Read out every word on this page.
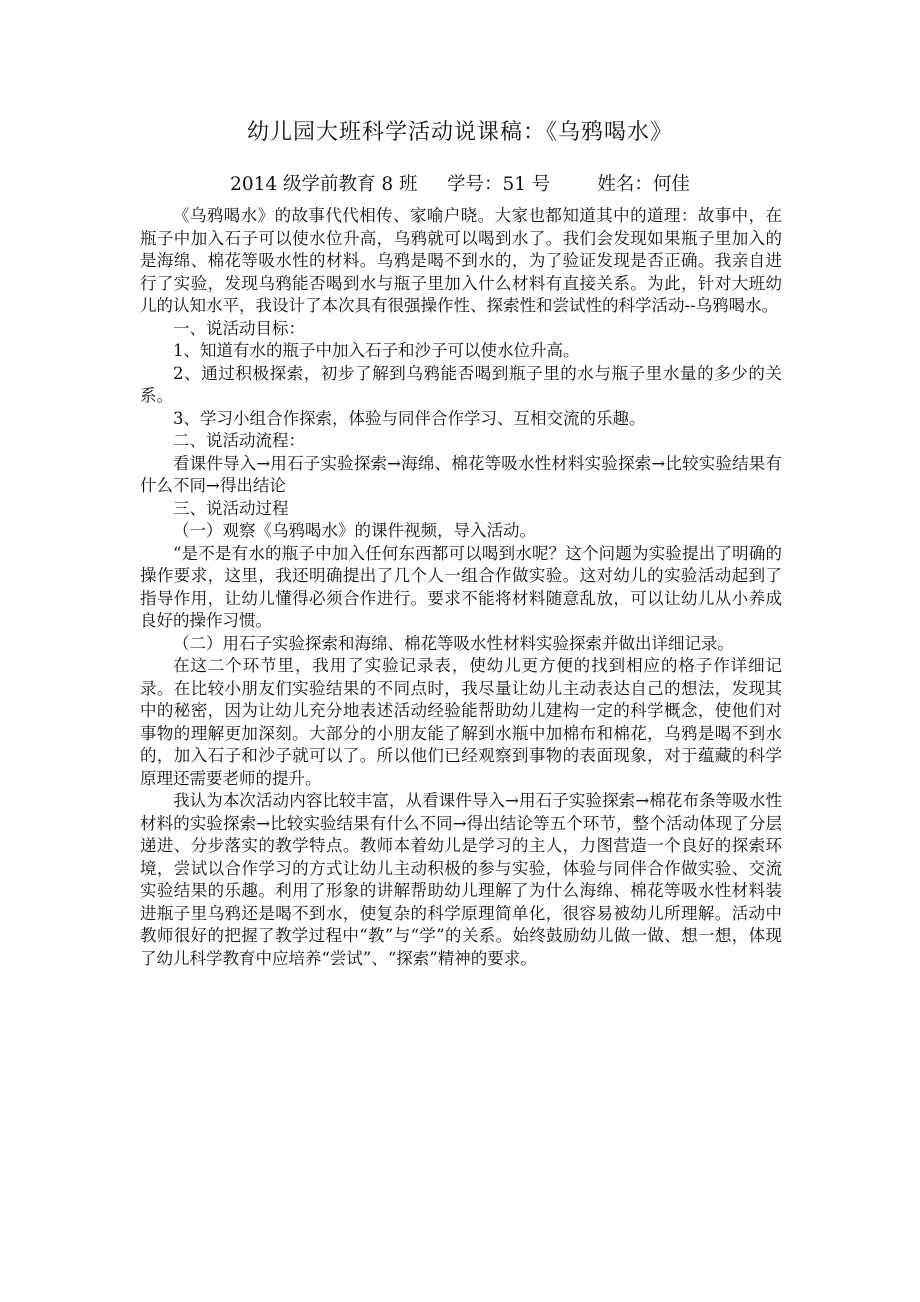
幼儿园大班科学活动说课稿：《乌鸦喝水》
2014 级学前教育 8 班     学号：51 号        姓名：何佳

《乌鸦喝水》的故事代代相传、家喻户晓。大家也都知道其中的道理：故事中，在瓶子中加入石子可以使水位升高，乌鸦就可以喝到水了。我们会发现如果瓶子里加入的是海绵、棉花等吸水性的材料。乌鸦是喝不到水的，为了验证发现是否正确。我亲自进行了实验，发现乌鸦能否喝到水与瓶子里加入什么材料有直接关系。为此，针对大班幼儿的认知水平，我设计了本次具有很强操作性、探索性和尝试性的科学活动--乌鸦喝水。

一、说活动目标：

1、知道有水的瓶子中加入石子和沙子可以使水位升高。

2、通过积极探索，初步了解到乌鸦能否喝到瓶子里的水与瓶子里水量的多少的关系。

3、学习小组合作探索，体验与同伴合作学习、互相交流的乐趣。

二、说活动流程：

看课件导入→用石子实验探索→海绵、棉花等吸水性材料实验探索→比较实验结果有什么不同→得出结论

三、说活动过程

（一）观察《乌鸦喝水》的课件视频，导入活动。

“是不是有水的瓶子中加入任何东西都可以喝到水呢？这个问题为实验提出了明确的操作要求，这里，我还明确提出了几个人一组合作做实验。这对幼儿的实验活动起到了指导作用，让幼儿懂得必须合作进行。要求不能将材料随意乱放，可以让幼儿从小养成良好的操作习惯。

（二）用石子实验探索和海绵、棉花等吸水性材料实验探索并做出详细记录。

在这二个环节里，我用了实验记录表，使幼儿更方便的找到相应的格子作详细记录。在比较小朋友们实验结果的不同点时，我尽量让幼儿主动表达自己的想法，发现其中的秘密，因为让幼儿充分地表述活动经验能帮助幼儿建构一定的科学概念，使他们对事物的理解更加深刻。大部分的小朋友能了解到水瓶中加棉布和棉花，乌鸦是喝不到水的，加入石子和沙子就可以了。所以他们已经观察到事物的表面现象，对于蕴藏的科学原理还需要老师的提升。

我认为本次活动内容比较丰富，从看课件导入→用石子实验探索→棉花布条等吸水性材料的实验探索→比较实验结果有什么不同→得出结论等五个环节，整个活动体现了分层递进、分步落实的教学特点。教师本着幼儿是学习的主人，力图营造一个良好的探索环境，尝试以合作学习的方式让幼儿主动积极的参与实验，体验与同伴合作做实验、交流实验结果的乐趣。利用了形象的讲解帮助幼儿理解了为什么海绵、棉花等吸水性材料装进瓶子里乌鸦还是喝不到水，使复杂的科学原理简单化，很容易被幼儿所理解。活动中教师很好的把握了教学过程中“教”与“学”的关系。始终鼓励幼儿做一做、想一想，体现了幼儿科学教育中应培养“尝试”、“探索”精神的要求。
